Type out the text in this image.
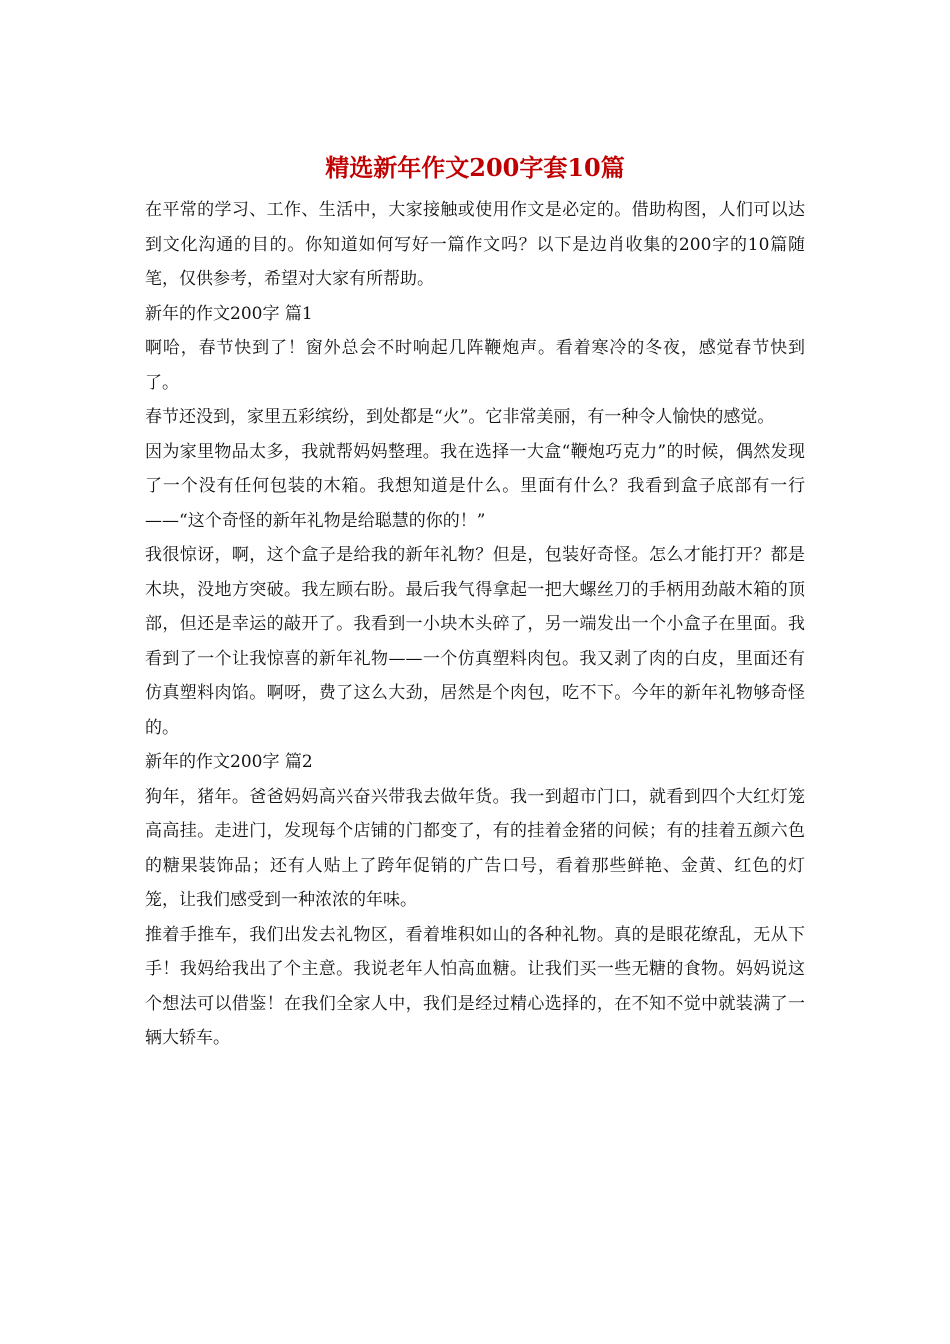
精选新年作文200字套10篇

在平常的学习、工作、生活中，大家接触或使用作文是必定的。借助构图，人们可以达到文化沟通的目的。你知道如何写好一篇作文吗？以下是边肖收集的200字的10篇随笔，仅供参考，希望对大家有所帮助。

新年的作文200字 篇1

啊哈，春节快到了！窗外总会不时响起几阵鞭炮声。看着寒冷的冬夜，感觉春节快到了。

春节还没到，家里五彩缤纷，到处都是“火”。它非常美丽，有一种令人愉快的感觉。

因为家里物品太多，我就帮妈妈整理。我在选择一大盒“鞭炮巧克力”的时候，偶然发现了一个没有任何包装的木箱。我想知道是什么。里面有什么？我看到盒子底部有一行——“这个奇怪的新年礼物是给聪慧的你的！”

我很惊讶，啊，这个盒子是给我的新年礼物？但是，包装好奇怪。怎么才能打开？都是木块，没地方突破。我左顾右盼。最后我气得拿起一把大螺丝刀的手柄用劲敲木箱的顶部，但还是幸运的敲开了。我看到一小块木头碎了，另一端发出一个小盒子在里面。我看到了一个让我惊喜的新年礼物——一个仿真塑料肉包。我又剥了肉的白皮，里面还有仿真塑料肉馅。啊呀，费了这么大劲，居然是个肉包，吃不下。今年的新年礼物够奇怪的。

新年的作文200字 篇2

狗年，猪年。爸爸妈妈高兴奋兴带我去做年货。我一到超市门口，就看到四个大红灯笼高高挂。走进门，发现每个店铺的门都变了，有的挂着金猪的问候；有的挂着五颜六色的糖果装饰品；还有人贴上了跨年促销的广告口号，看着那些鲜艳、金黄、红色的灯笼，让我们感受到一种浓浓的年味。

推着手推车，我们出发去礼物区，看着堆积如山的各种礼物。真的是眼花缭乱，无从下手！我妈给我出了个主意。我说老年人怕高血糖。让我们买一些无糖的食物。妈妈说这个想法可以借鉴！在我们全家人中，我们是经过精心选择的，在不知不觉中就装满了一辆大轿车。
